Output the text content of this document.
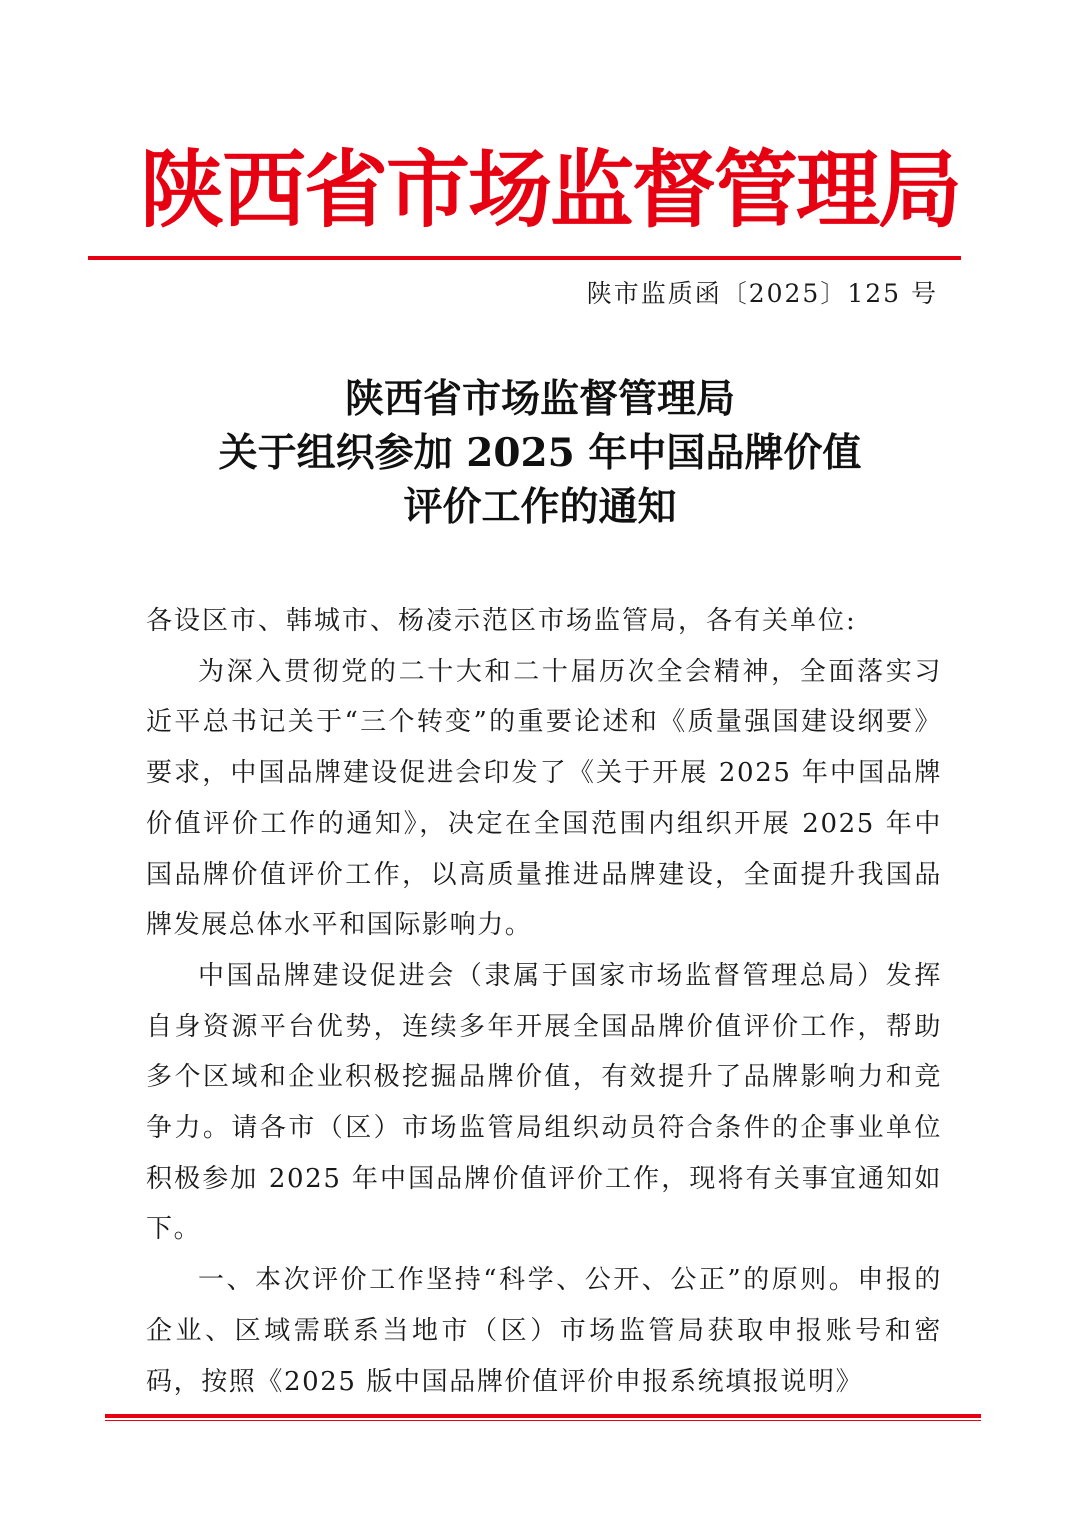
陕西省市场监督管理局
陕市监质函〔2025〕125 号
陕西省市场监督管理局
关于组织参加 2025 年中国品牌价值
评价工作的通知

各设区市、韩城市、杨凌示范区市场监管局，各有关单位:

为深入贯彻党的二十大和二十届历次全会精神，全面落实习近平总书记关于“三个转变”的重要论述和《质量强国建设纲要》要求，中国品牌建设促进会印发了《关于开展 2025 年中国品牌价值评价工作的通知》，决定在全国范围内组织开展 2025 年中国品牌价值评价工作，以高质量推进品牌建设，全面提升我国品牌发展总体水平和国际影响力。

中国品牌建设促进会（隶属于国家市场监督管理总局）发挥自身资源平台优势，连续多年开展全国品牌价值评价工作，帮助多个区域和企业积极挖掘品牌价值，有效提升了品牌影响力和竞争力。请各市（区）市场监管局组织动员符合条件的企事业单位积极参加 2025 年中国品牌价值评价工作，现将有关事宜通知如下。

一、本次评价工作坚持“科学、公开、公正”的原则。申报的企业、区域需联系当地市（区）市场监管局获取申报账号和密码，按照《2025 版中国品牌价值评价申报系统填报说明》
